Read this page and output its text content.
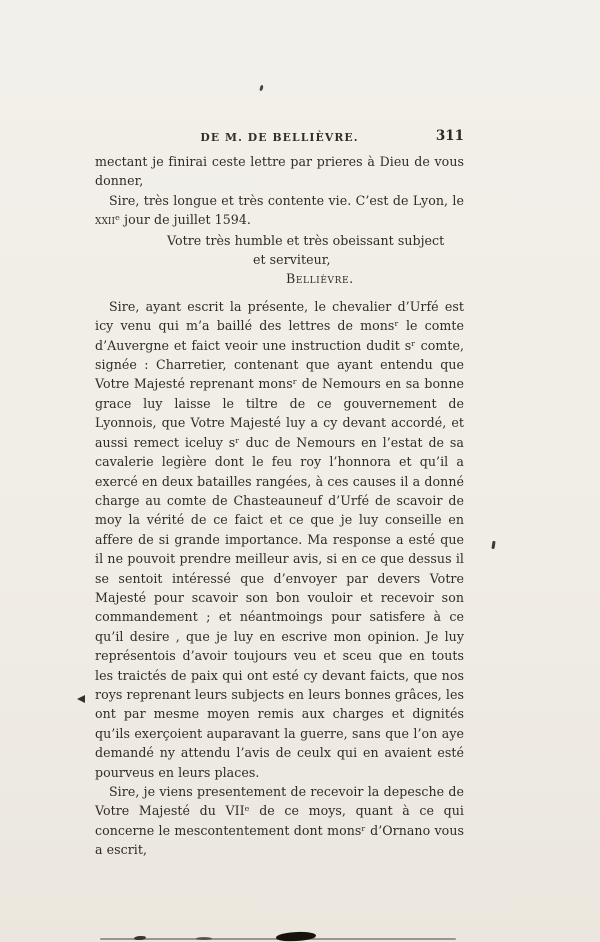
DE M. DE BELLIÈVRE.	311

mectant je finirai ceste lettre par prieres à Dieu de vous donner,

Sire, très longue et très contente vie. C’est de Lyon, le xxiiᵉ jour de juillet 1594.

Votre très humble et très obeissant subject
et serviteur,
Bellièvre.

Sire, ayant escrit la présente, le chevalier d’Urfé est icy venu qui m’a baillé des lettres de monsʳ le comte d’Auvergne et faict veoir une instruction dudit sʳ comte, signée : Charretier, contenant que ayant entendu que Votre Majesté reprenant monsʳ de Nemours en sa bonne grace luy laisse le tiltre de ce gouvernement de Lyonnois, que Votre Majesté luy a cy devant accordé, et aussi remect iceluy sʳ duc de Nemours en l’estat de sa cavalerie legière dont le feu roy l’honnora et qu’il a exercé en deux batailles rangées, à ces causes il a donné charge au comte de Chasteauneuf d’Urfé de scavoir de moy la vérité de ce faict et ce que je luy conseille en affere de si grande importance. Ma response a esté que il ne pouvoit prendre meilleur avis, si en ce que dessus il se sentoit intéressé que d’envoyer par devers Votre Majesté pour scavoir son bon vouloir et recevoir son commandement ; et néantmoings pour satisfere à ce qu’il desire , que je luy en escrive mon opinion. Je luy représentois d’avoir toujours veu et sceu que en touts les traictés de paix qui ont esté cy devant faicts, que nos roys reprenant leurs subjects en leurs bonnes grâces, les ont par mesme moyen remis aux charges et dignités qu’ils exerçoient auparavant la guerre, sans que l’on aye demandé ny attendu l’avis de ceulx qui en avaient esté pourveus en leurs places.

Sire, je viens presentement de recevoir la depesche de Votre Majesté du VIIᵉ de ce moys, quant à ce qui concerne le mescontentement dont monsʳ d’Ornano vous a escrit,
